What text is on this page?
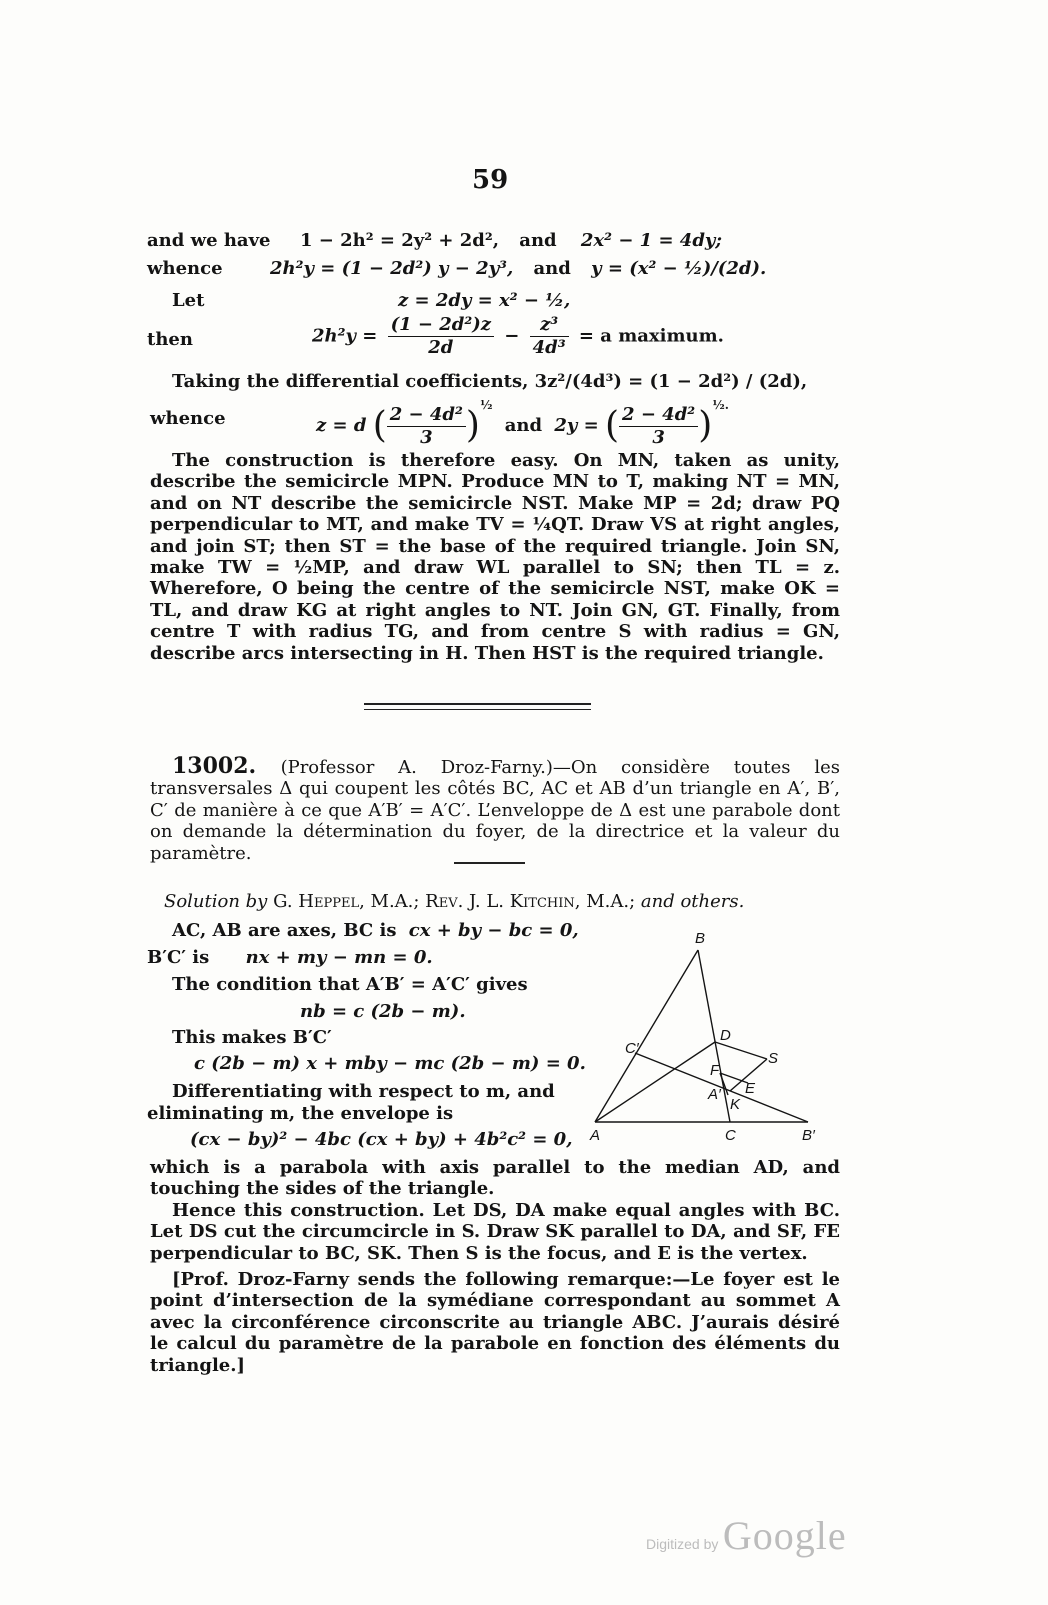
59
and we have 1 − 2h² = 2y² + 2d², and 2x² − 1 = 4dy;
whence	2h²y = (1 − 2d²) y − 2y³, and y = (x² − ½)/(2d).
Let	z = 2dy = x² − ½,
then	$2h^2y = \frac{\text{(1 − 2d²)z}}{2d} - \frac{\text{z³}}{\text{4d³}} = a$ maximum.
Taking the differential coefficients, 3z²/(4d³) = (1 − 2d²) / (2d),
whence	z = d ( $\frac{\text{2 − 4d²}}{3} )^{\frac{1}{2}}$ and 2y = ( $\frac{\text{2 − 4d²}}{3} )^{\frac{1}{2}.}$
The construction is therefore easy. On MN, taken as unity, describe the semicircle MPN. Produce MN to T, making NT = MN, and on NT describe the semicircle NST. Make MP = 2d; draw PQ perpendicular to MT, and make TV = ¼QT. Draw VS at right angles, and join ST; then ST = the base of the required triangle. Join SN, make TW = ½MP, and draw WL parallel to SN; then TL = z. Wherefore, O being the centre of the semicircle NST, make OK = TL, and draw KG at right angles to NT. Join GN, GT. Finally, from centre T with radius TG, and from centre S with radius = GN, describe arcs intersecting in H. Then HST is the required triangle.
13002. (Professor A. Droz-Farny.)—On considère toutes les transversales Δ qui coupent les côtés BC, AC et AB d’un triangle en A′, B′, C′ de manière à ce que A′B′ = A′C′. L’enveloppe de Δ est une parabole dont on demande la détermination du foyer, de la directrice et la valeur du paramètre.
Solution by G. Heppel, M.A.; Rev. J. L. Kitchin, M.A.; and others.
AC, AB are axes, BC is cx + by − bc = 0,
B′C′ is nx + my − mn = 0.
The condition that A′B′ = A′C′ gives
nb = c (2b − m).
This makes B′C′
c (2b − m) x + mby − mc (2b − m) = 0.
Differentiating with respect to m, and
eliminating m, the envelope is
(cx − by)² − 4bc (cx + by) + 4b²c² = 0,
B
D
C′
S
F
E
A′
K
A	C	B′
which is a parabola with axis parallel to the median AD, and touching the sides of the triangle.
Hence this construction. Let DS, DA make equal angles with BC. Let DS cut the circumcircle in S. Draw SK parallel to DA, and SF, FE perpendicular to BC, SK. Then S is the focus, and E is the vertex.
[Prof. Droz-Farny sends the following remarque:—Le foyer est le point d’intersection de la symédiane correspondant au sommet A avec la circonférence circonscrite au triangle ABC. J’aurais désiré le calcul du paramètre de la parabole en fonction des éléments du triangle.]
Digitized by Google
